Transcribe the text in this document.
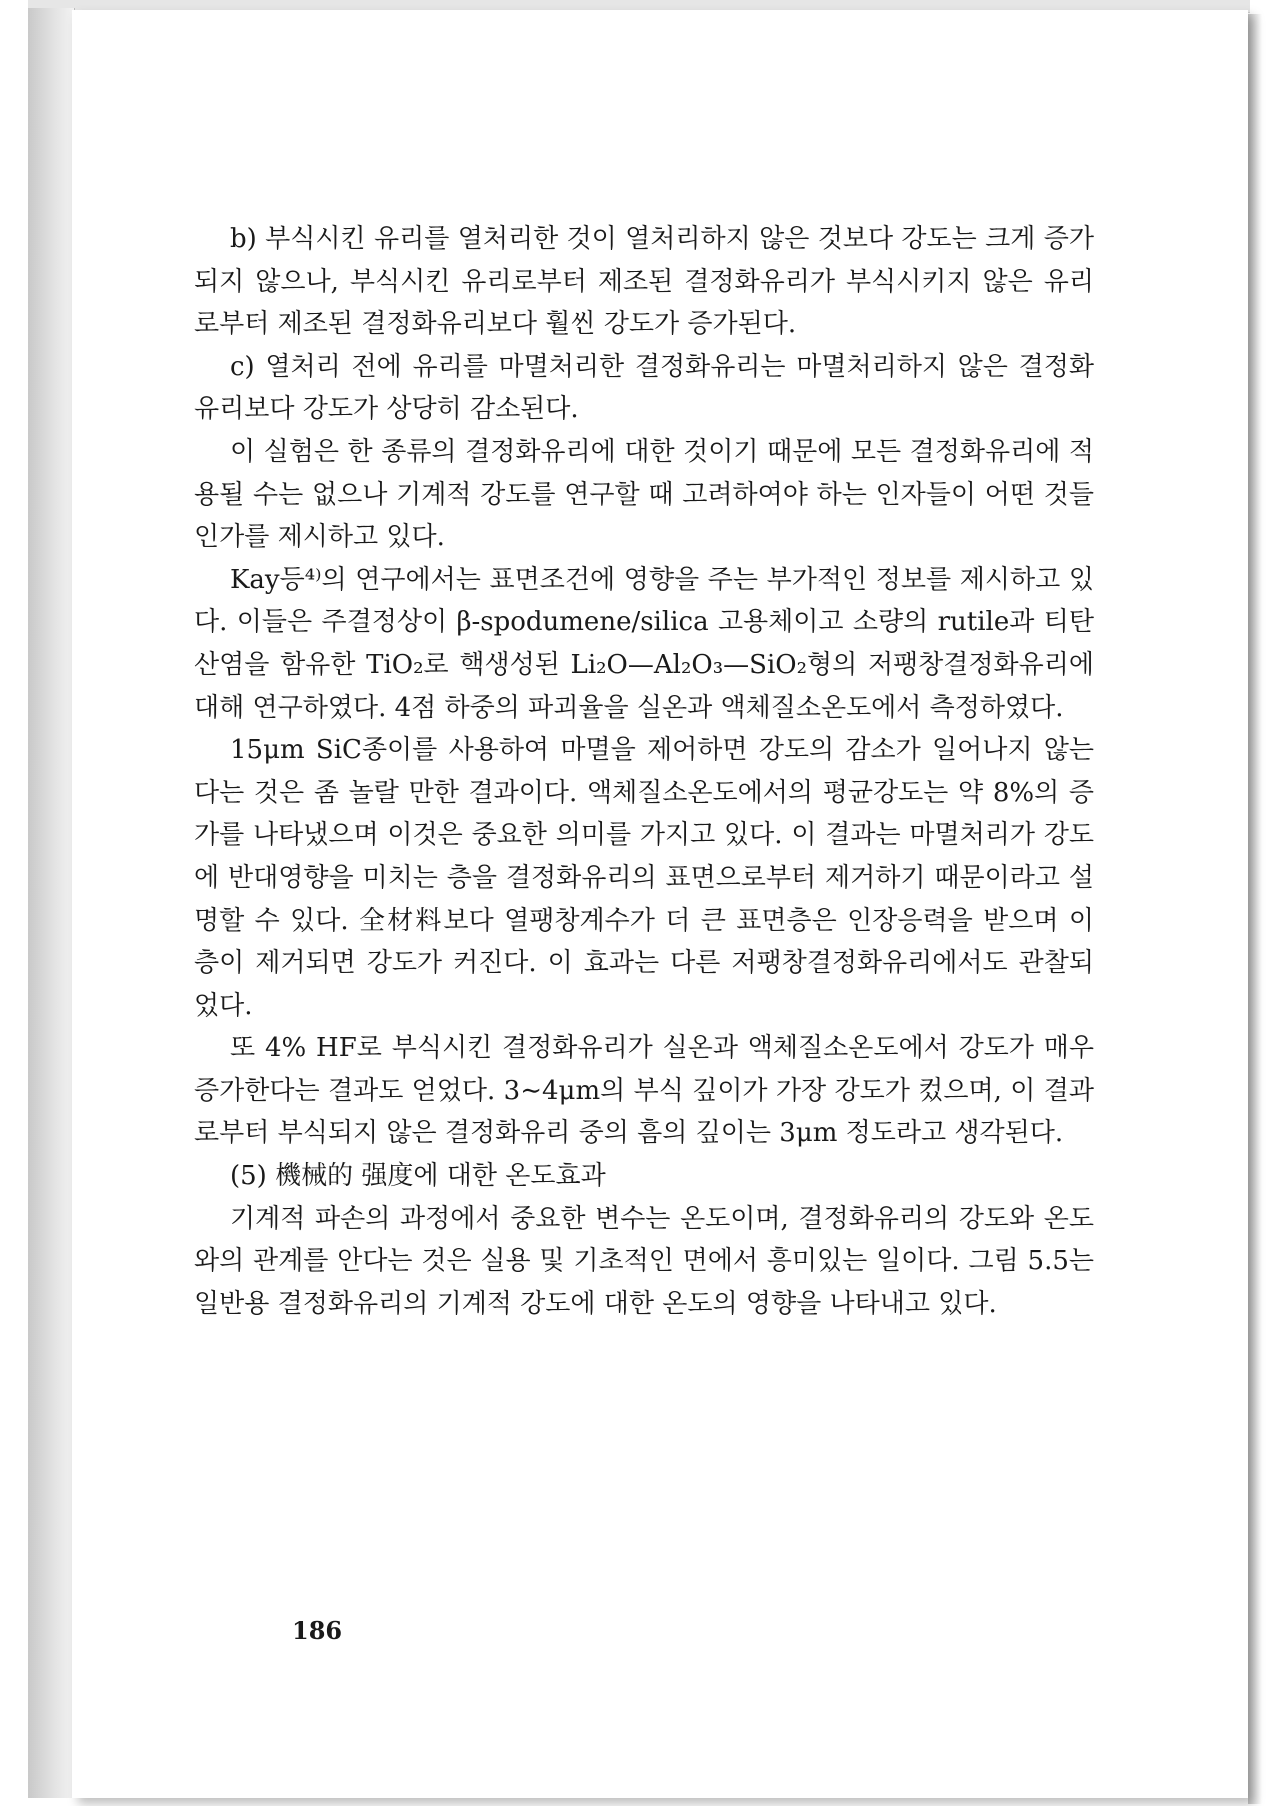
b) 부식시킨 유리를 열처리한 것이 열처리하지 않은 것보다 강도는 크게 증가되지 않으나, 부식시킨 유리로부터 제조된 결정화유리가 부식시키지 않은 유리로부터 제조된 결정화유리보다 훨씬 강도가 증가된다.

c) 열처리 전에 유리를 마멸처리한 결정화유리는 마멸처리하지 않은 결정화유리보다 강도가 상당히 감소된다.

이 실험은 한 종류의 결정화유리에 대한 것이기 때문에 모든 결정화유리에 적용될 수는 없으나 기계적 강도를 연구할 때 고려하여야 하는 인자들이 어떤 것들인가를 제시하고 있다.

Kay등⁴⁾의 연구에서는 표면조건에 영향을 주는 부가적인 정보를 제시하고 있다. 이들은 주결정상이 β-spodumene/silica 고용체이고 소량의 rutile과 티탄산염을 함유한 TiO₂로 핵생성된 Li₂O—Al₂O₃—SiO₂형의 저팽창결정화유리에 대해 연구하였다. 4점 하중의 파괴율을 실온과 액체질소온도에서 측정하였다.

15μm SiC종이를 사용하여 마멸을 제어하면 강도의 감소가 일어나지 않는다는 것은 좀 놀랄 만한 결과이다. 액체질소온도에서의 평균강도는 약 8%의 증가를 나타냈으며 이것은 중요한 의미를 가지고 있다. 이 결과는 마멸처리가 강도에 반대영향을 미치는 층을 결정화유리의 표면으로부터 제거하기 때문이라고 설명할 수 있다. 全材料보다 열팽창계수가 더 큰 표면층은 인장응력을 받으며 이 층이 제거되면 강도가 커진다. 이 효과는 다른 저팽창결정화유리에서도 관찰되었다.

또 4% HF로 부식시킨 결정화유리가 실온과 액체질소온도에서 강도가 매우 증가한다는 결과도 얻었다. 3∼4μm의 부식 깊이가 가장 강도가 컸으며, 이 결과로부터 부식되지 않은 결정화유리 중의 흠의 깊이는 3μm 정도라고 생각된다.

(5) 機械的 强度에 대한 온도효과

기계적 파손의 과정에서 중요한 변수는 온도이며, 결정화유리의 강도와 온도와의 관계를 안다는 것은 실용 및 기초적인 면에서 흥미있는 일이다. 그림 5.5는 일반용 결정화유리의 기계적 강도에 대한 온도의 영향을 나타내고 있다.

186
